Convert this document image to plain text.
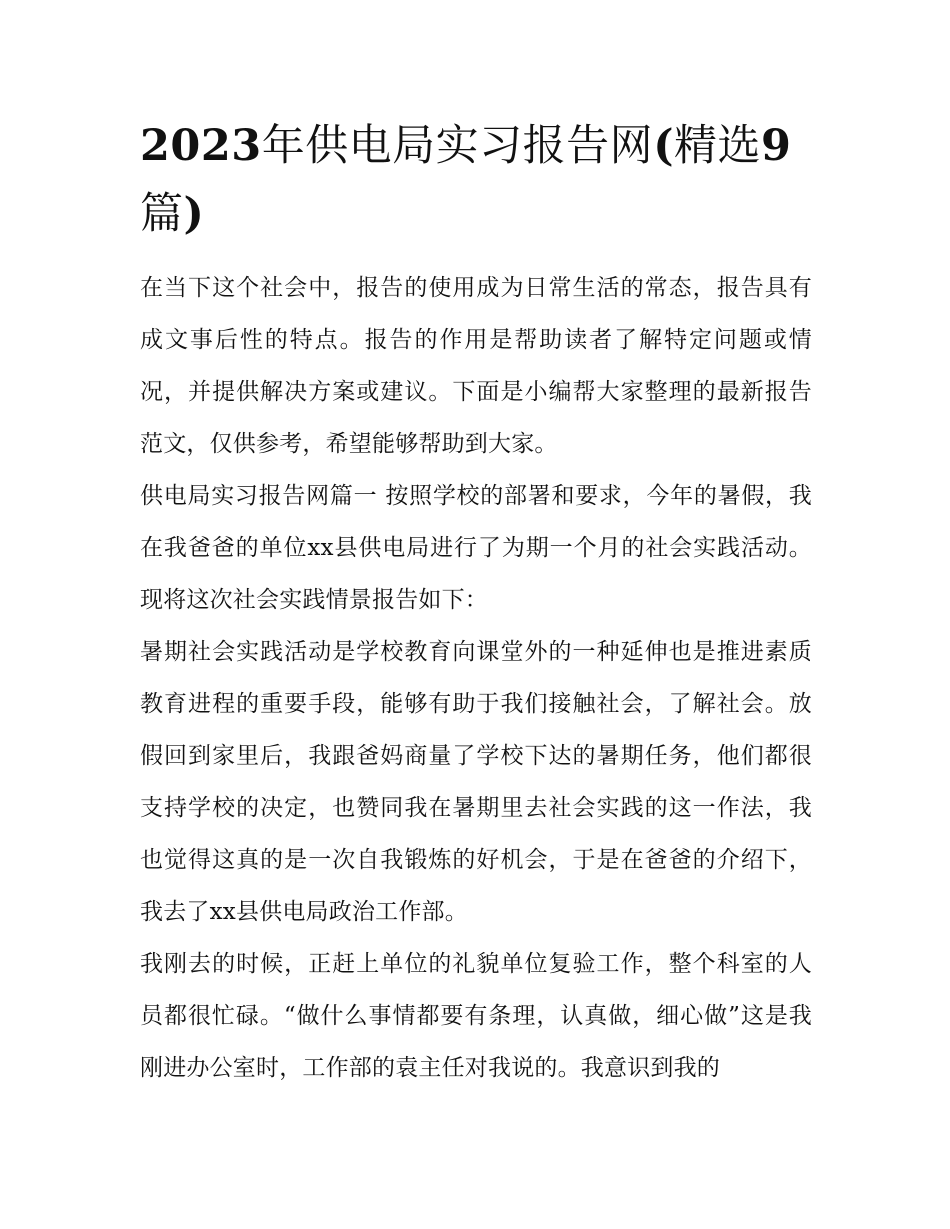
2023年供电局实习报告网(精选9篇)

在当下这个社会中，报告的使用成为日常生活的常态，报告具有成文事后性的特点。报告的作用是帮助读者了解特定问题或情况，并提供解决方案或建议。下面是小编帮大家整理的最新报告范文，仅供参考，希望能够帮助到大家。

供电局实习报告网篇一 按照学校的部署和要求，今年的暑假，我在我爸爸的单位xx县供电局进行了为期一个月的社会实践活动。现将这次社会实践情景报告如下：

暑期社会实践活动是学校教育向课堂外的一种延伸也是推进素质教育进程的重要手段，能够有助于我们接触社会，了解社会。放假回到家里后，我跟爸妈商量了学校下达的暑期任务，他们都很支持学校的决定，也赞同我在暑期里去社会实践的这一作法，我也觉得这真的是一次自我锻炼的好机会，于是在爸爸的介绍下，我去了xx县供电局政治工作部。

我刚去的时候，正赶上单位的礼貌单位复验工作，整个科室的人员都很忙碌。“做什么事情都要有条理，认真做，细心做”这是我刚进办公室时，工作部的袁主任对我说的。我意识到我的
